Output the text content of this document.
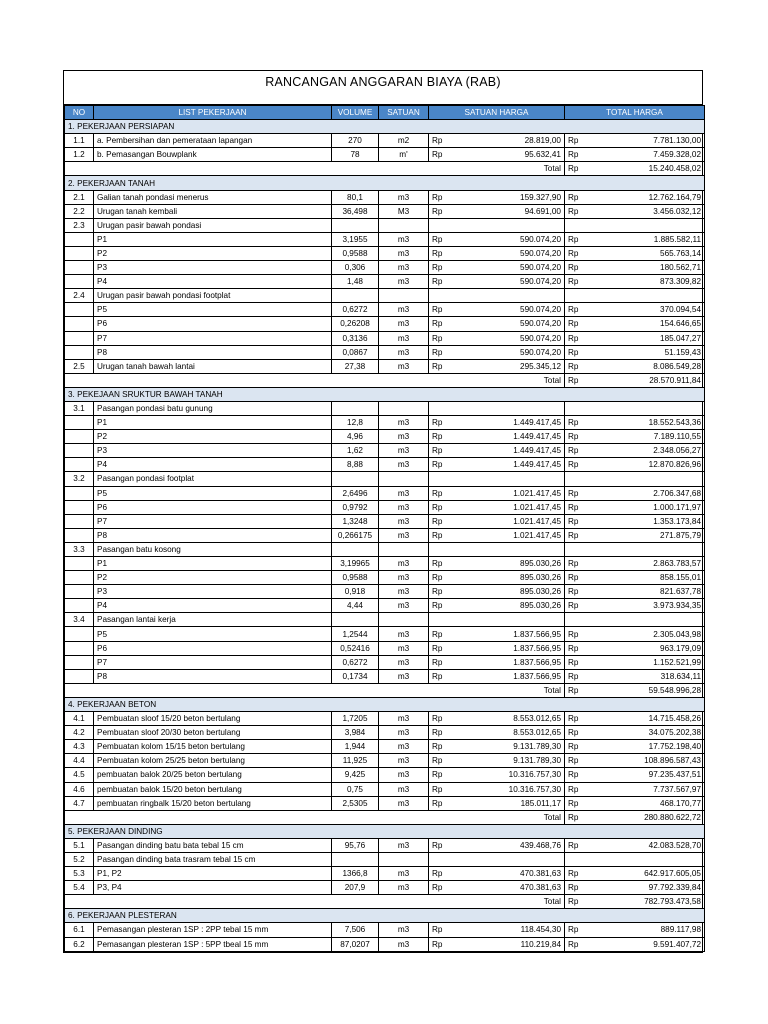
RANCANGAN ANGGARAN BIAYA (RAB)
NO	LIST PEKERJAAN	VOLUME	SATUAN	SATUAN HARGA	TOTAL HARGA
1. PEKERJAAN PERSIAPAN					
1.1	a. Pembersihan dan pemerataan lapangan	270	m2	Rp 28.819,00	Rp 7.781.130,00

1.2	b. Pemasangan Bouwplank	78	m'	Rp 95.632,41	Rp 7.459.328,02

				Total	Rp 15.240.458,02

2. PEKERJAAN TANAH					
2.1	Galian tanah pondasi menerus	80,1	m3	Rp 159.327,90	Rp 12.762.164,79

2.2	Urugan tanah kembali	36,498	M3	Rp 94.691,00	Rp 3.456.032,12

2.3	Urugan pasir bawah pondasi				
	P1	3,1955	m3	Rp 590.074,20	Rp 1.885.582,11

	P2	0,9588	m3	Rp 590.074,20	Rp 565.763,14

	P3	0,306	m3	Rp 590.074,20	Rp 180.562,71

	P4	1,48	m3	Rp 590.074,20	Rp 873.309,82

2.4	Urugan pasir bawah pondasi footplat				
	P5	0,6272	m3	Rp 590.074,20	Rp 370.094,54

	P6	0,26208	m3	Rp 590.074,20	Rp 154.646,65

	P7	0,3136	m3	Rp 590.074,20	Rp 185.047,27

	P8	0,0867	m3	Rp 590.074,20	Rp 51.159,43

2.5	Urugan tanah bawah lantai	27,38	m3	Rp 295.345,12	Rp 8.086.549,28

				Total	Rp 28.570.911,84

3. PEKEJAAN SRUKTUR BAWAH TANAH					
3.1	Pasangan pondasi batu gunung				
	P1	12,8	m3	Rp 1.449.417,45	Rp 18.552.543,36

	P2	4,96	m3	Rp 1.449.417,45	Rp 7.189.110,55

	P3	1,62	m3	Rp 1.449.417,45	Rp 2.348.056,27

	P4	8,88	m3	Rp 1.449.417,45	Rp 12.870.826,96

3.2	Pasangan pondasi footplat				
	P5	2,6496	m3	Rp 1.021.417,45	Rp 2.706.347,68

	P6	0,9792	m3	Rp 1.021.417,45	Rp 1.000.171,97

	P7	1,3248	m3	Rp 1.021.417,45	Rp 1.353.173,84

	P8	0,266175	m3	Rp 1.021.417,45	Rp 271.875,79

3.3	Pasangan batu kosong				
	P1	3,19965	m3	Rp 895.030,26	Rp 2.863.783,57

	P2	0,9588	m3	Rp 895.030,26	Rp 858.155,01

	P3	0,918	m3	Rp 895.030,26	Rp 821.637,78

	P4	4,44	m3	Rp 895.030,26	Rp 3.973.934,35

3.4	Pasangan lantai kerja				
	P5	1,2544	m3	Rp 1.837.566,95	Rp 2.305.043,98

	P6	0,52416	m3	Rp 1.837.566,95	Rp 963.179,09

	P7	0,6272	m3	Rp 1.837.566,95	Rp 1.152.521,99

	P8	0,1734	m3	Rp 1.837.566,95	Rp 318.634,11

				Total	Rp 59.548.996,28

4. PEKERJAAN BETON					
4.1	Pembuatan sloof 15/20 beton bertulang	1,7205	m3	Rp 8.553.012,65	Rp 14.715.458,26

4.2	Pembuatan sloof 20/30 beton bertulang	3,984	m3	Rp 8.553.012,65	Rp 34.075.202,38

4.3	Pembuatan kolom 15/15 beton bertulang	1,944	m3	Rp 9.131.789,30	Rp 17.752.198,40

4.4	Pembuatan kolom 25/25 beton bertulang	11,925	m3	Rp 9.131.789,30	Rp 108.896.587,43

4.5	pembuatan balok 20/25 beton bertulang	9,425	m3	Rp 10.316.757,30	Rp 97.235.437,51

4.6	pembuatan balok 15/20 beton bertulang	0,75	m3	Rp 10.316.757,30	Rp 7.737.567,97

4.7	pembuatan ringbalk 15/20 beton bertulang	2,5305	m3	Rp 185.011,17	Rp 468.170,77

				Total	Rp 280.880.622,72

5. PEKERJAAN DINDING					
5.1	Pasangan dinding batu bata tebal 15 cm	95,76	m3	Rp 439.468,76	Rp 42.083.528,70

5.2	Pasangan dinding bata trasram tebal 15 cm				
5.3	P1, P2	1366,8	m3	Rp 470.381,63	Rp 642.917.605,05

5.4	P3, P4	207,9	m3	Rp 470.381,63	Rp 97.792.339,84

				Total	Rp 782.793.473,58

6. PEKERJAAN PLESTERAN					
6.1	Pemasangan plesteran 1SP : 2PP tebal 15 mm	7,506	m3	Rp 118.454,30	Rp 889.117,98

6.2	Pemasangan plesteran 1SP : 5PP tbeal 15 mm	87,0207	m3	Rp 110.219,84	Rp 9.591.407,72
